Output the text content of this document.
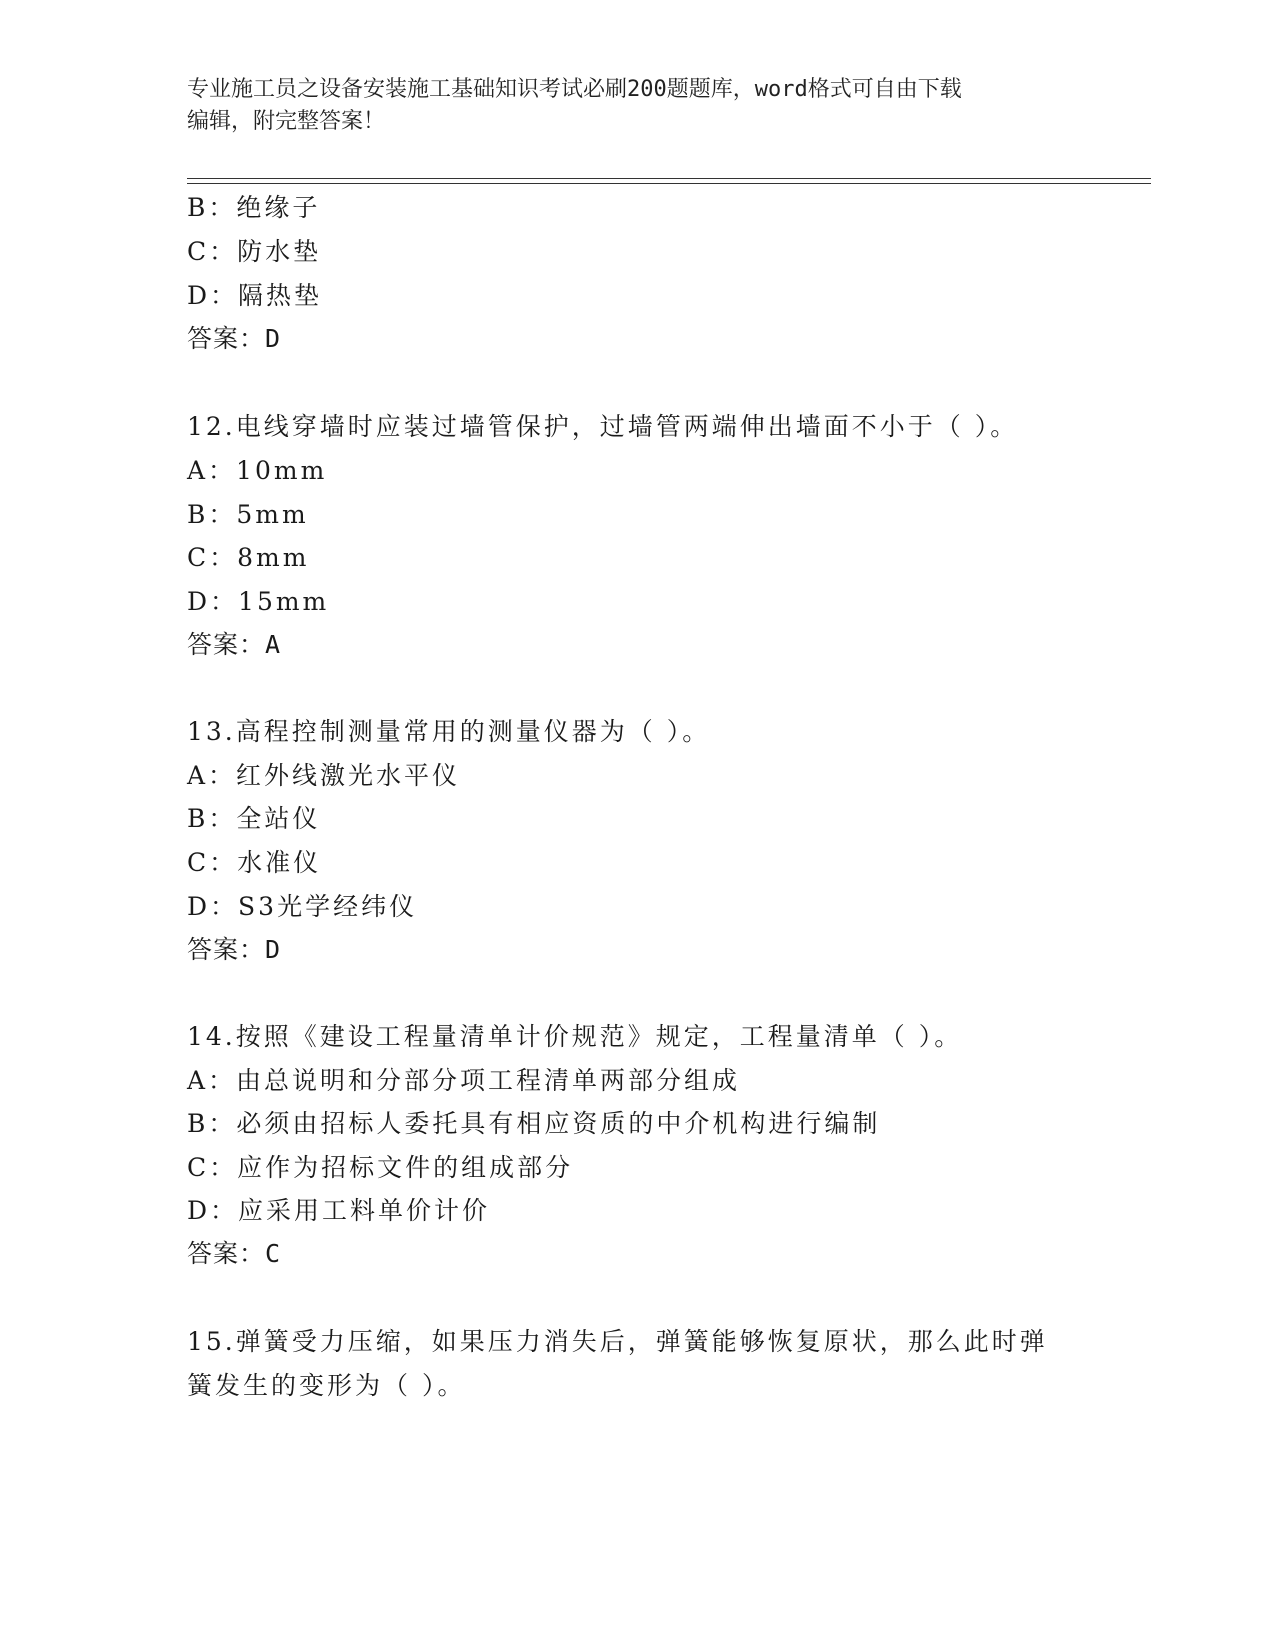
专业施工员之设备安装施工基础知识考试必刷200题题库，word格式可自由下载
编辑，附完整答案！
B：绝缘子
C：防水垫
D：隔热垫
答案：D
12.电线穿墙时应装过墙管保护，过墙管两端伸出墙面不小于（ ）。
A：10mm
B：5mm
C：8mm
D：15mm
答案：A
13.高程控制测量常用的测量仪器为（ ）。
A：红外线激光水平仪
B：全站仪
C：水准仪
D：S3光学经纬仪
答案：D
14.按照《建设工程量清单计价规范》规定，工程量清单（ ）。
A：由总说明和分部分项工程清单两部分组成
B：必须由招标人委托具有相应资质的中介机构进行编制
C：应作为招标文件的组成部分
D：应采用工料单价计价
答案：C
15.弹簧受力压缩，如果压力消失后，弹簧能够恢复原状，那么此时弹
簧发生的变形为（ ）。
